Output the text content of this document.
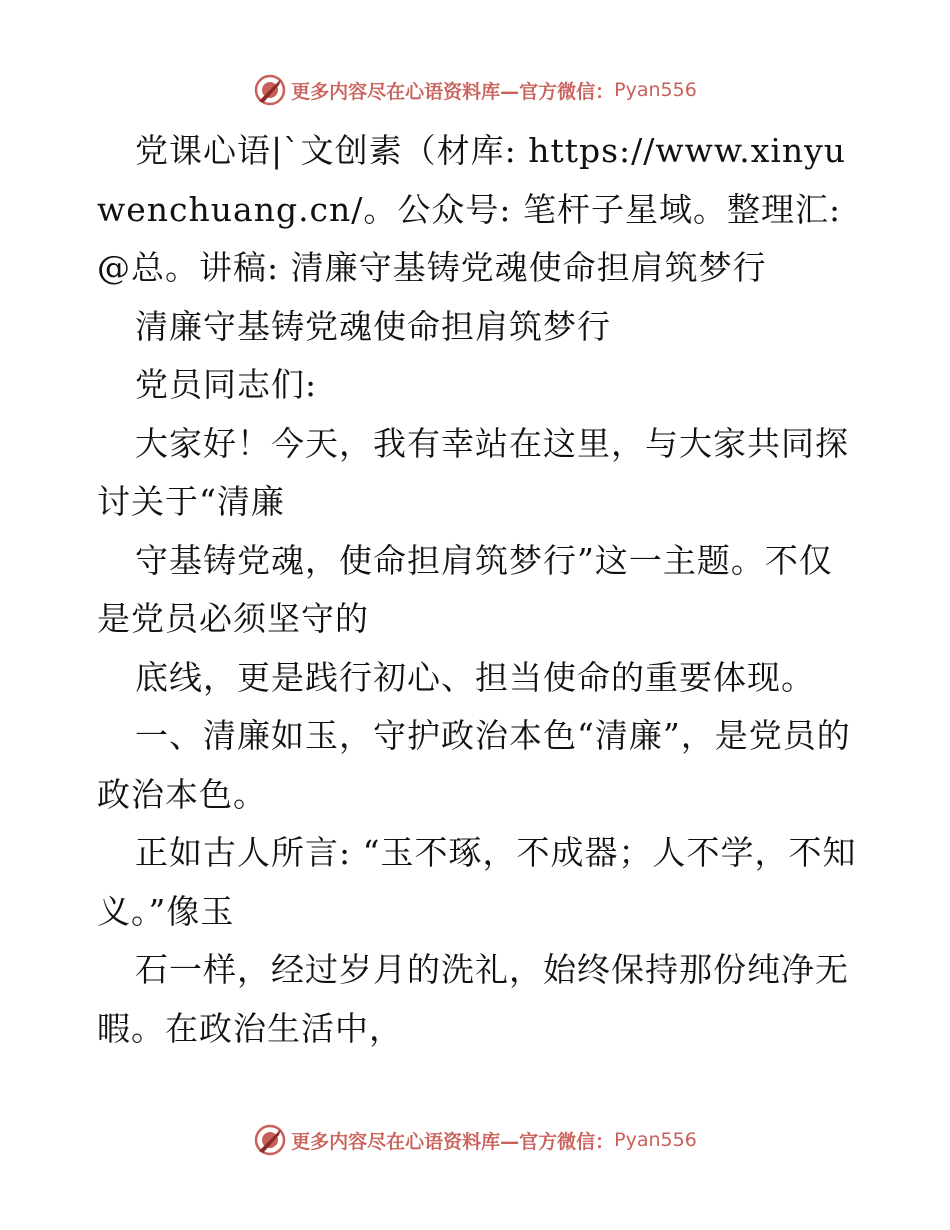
更多内容尽在心语资料库—官方微信： Pyan556

党课心语|`文创素（材库: https://www.xinyuwenchuang.cn/。公众号: 笔杆子星域。整理汇:@总。讲稿: 清廉守基铸党魂使命担肩筑梦行

清廉守基铸党魂使命担肩筑梦行

党员同志们:

大家好！今天，我有幸站在这里，与大家共同探讨关于“清廉

守基铸党魂，使命担肩筑梦行”这一主题。不仅是党员必须坚守的

底线，更是践行初心、担当使命的重要体现。

一、清廉如玉，守护政治本色“清廉”，是党员的政治本色。

正如古人所言: “玉不琢，不成器；人不学，不知义。”像玉

石一样，经过岁月的洗礼，始终保持那份纯净无暇。在政治生活中，

更多内容尽在心语资料库—官方微信： Pyan556
